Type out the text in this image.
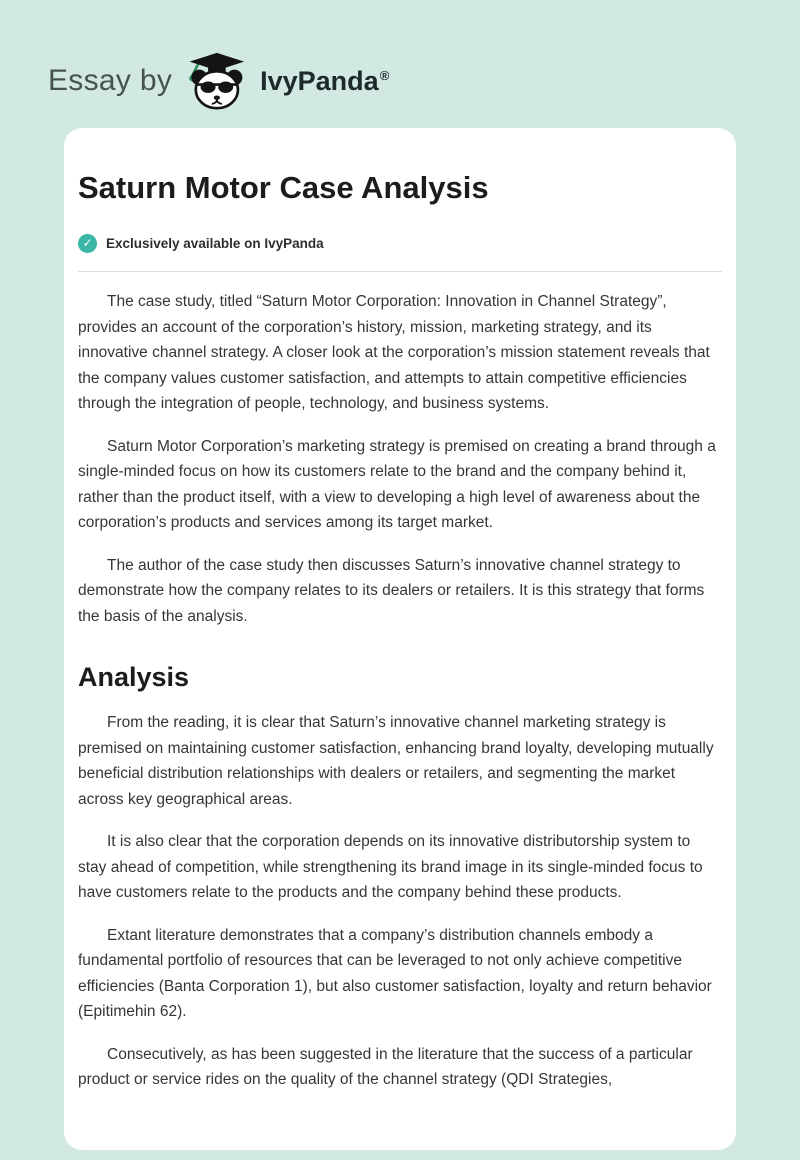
Essay by	IvyPanda®
Saturn Motor Case Analysis
✓ Exclusively available on IvyPanda

The case study, titled “Saturn Motor Corporation: Innovation in Channel Strategy”, provides an account of the corporation’s history, mission, marketing strategy, and its innovative channel strategy. A closer look at the corporation’s mission statement reveals that the company values customer satisfaction, and attempts to attain competitive efficiencies through the integration of people, technology, and business systems.

Saturn Motor Corporation’s marketing strategy is premised on creating a brand through a single-minded focus on how its customers relate to the brand and the company behind it, rather than the product itself, with a view to developing a high level of awareness about the corporation’s products and services among its target market.

The author of the case study then discusses Saturn’s innovative channel strategy to demonstrate how the company relates to its dealers or retailers. It is this strategy that forms the basis of the analysis.

Analysis

From the reading, it is clear that Saturn’s innovative channel marketing strategy is premised on maintaining customer satisfaction, enhancing brand loyalty, developing mutually beneficial distribution relationships with dealers or retailers, and segmenting the market across key geographical areas.

It is also clear that the corporation depends on its innovative distributorship system to stay ahead of competition, while strengthening its brand image in its single-minded focus to have customers relate to the products and the company behind these products.

Extant literature demonstrates that a company’s distribution channels embody a fundamental portfolio of resources that can be leveraged to not only achieve competitive efficiencies (Banta Corporation 1), but also customer satisfaction, loyalty and return behavior (Epitimehin 62).

Consecutively, as has been suggested in the literature that the success of a particular product or service rides on the quality of the channel strategy (QDI Strategies,
